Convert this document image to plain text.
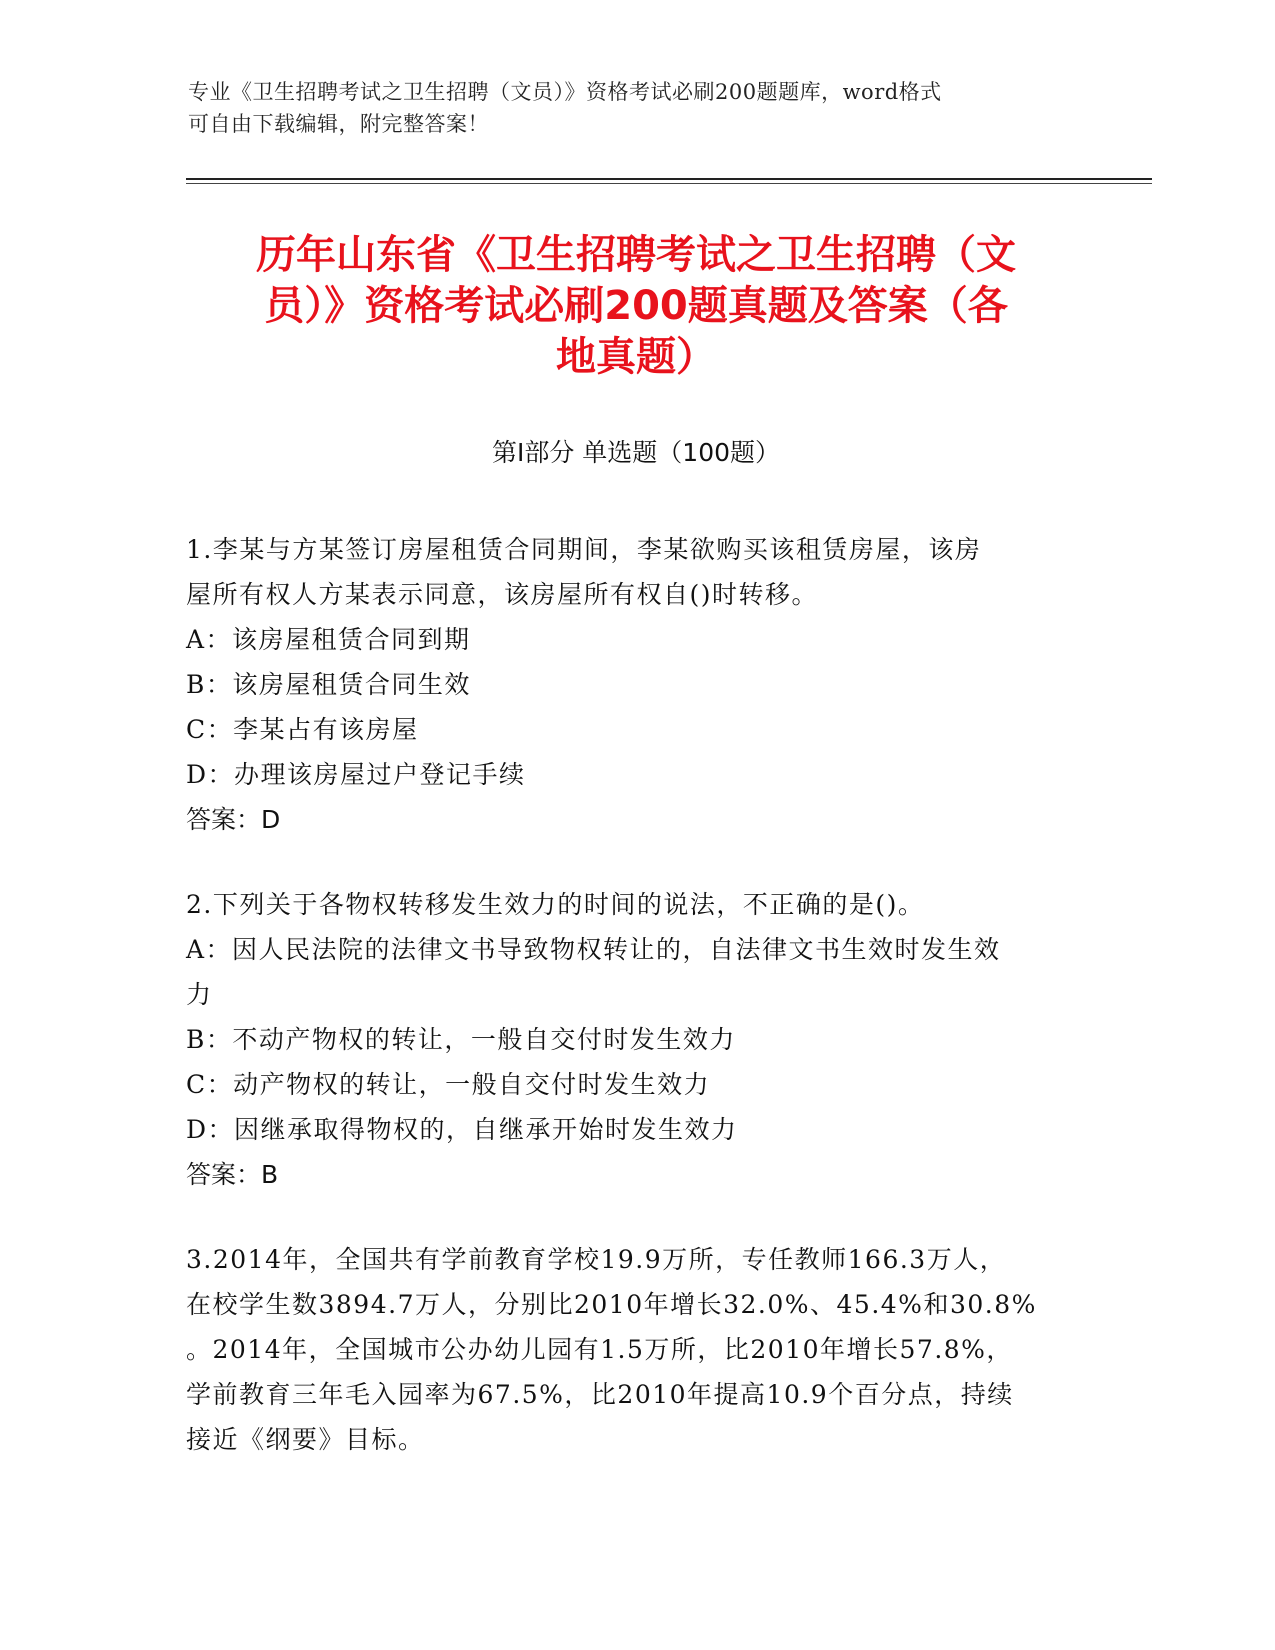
专业《卫生招聘考试之卫生招聘（文员）》资格考试必刷200题题库，word格式
可自由下载编辑，附完整答案！
历年山东省《卫生招聘考试之卫生招聘（文
员）》资格考试必刷200题真题及答案（各
地真题）
第I部分 单选题（100题）

1.李某与方某签订房屋租赁合同期间，李某欲购买该租赁房屋，该房

屋所有权人方某表示同意，该房屋所有权自()时转移。

A：该房屋租赁合同到期

B：该房屋租赁合同生效

C：李某占有该房屋

D：办理该房屋过户登记手续

答案：D

2.下列关于各物权转移发生效力的时间的说法，不正确的是()。

A：因人民法院的法律文书导致物权转让的，自法律文书生效时发生效

力

B：不动产物权的转让，一般自交付时发生效力

C：动产物权的转让，一般自交付时发生效力

D：因继承取得物权的，自继承开始时发生效力

答案：B

3.2014年，全国共有学前教育学校19.9万所，专任教师166.3万人，

在校学生数3894.7万人，分别比2010年增长32.0%、45.4%和30.8%

。2014年，全国城市公办幼儿园有1.5万所，比2010年增长57.8%，

学前教育三年毛入园率为67.5%，比2010年提高10.9个百分点，持续

接近《纲要》目标。
